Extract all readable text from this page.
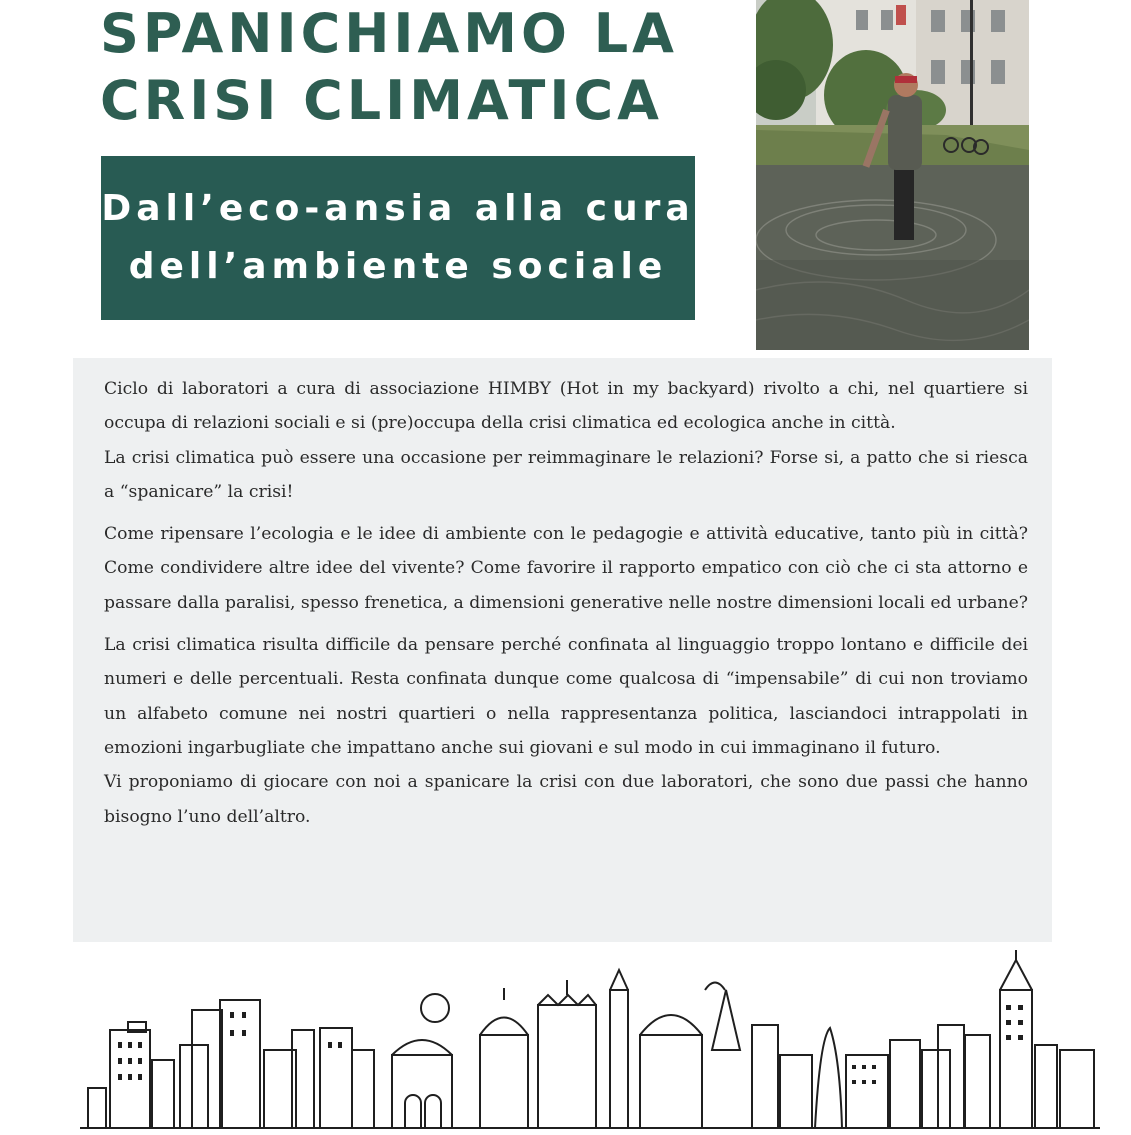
SPANICHIAMO LA
CRISI CLIMATICA
Dall’eco-ansia alla cura
dell’ambiente sociale

Ciclo di laboratori a cura di associazione HIMBY (Hot in my backyard) rivolto a chi, nel quartiere si occupa di relazioni sociali e si (pre)occupa della crisi climatica ed ecologica anche in città.

La crisi climatica può essere una occasione per reimmaginare le relazioni? Forse si, a patto che si riesca a “spanicare” la crisi!

Come ripensare l’ecologia e le idee di ambiente con le pedagogie e attività educative, tanto più in città? Come condividere altre idee del vivente? Come favorire il rapporto empatico con ciò che ci sta attorno e passare dalla paralisi, spesso frenetica, a dimensioni generative nelle nostre dimensioni locali ed urbane?

La crisi climatica risulta difficile da pensare perché confinata al linguaggio troppo lontano e difficile dei numeri e delle percentuali. Resta confinata dunque come qualcosa di “impensabile” di cui non troviamo un alfabeto comune nei nostri quartieri o nella rappresentanza politica, lasciandoci intrappolati in emozioni ingarbugliate che impattano anche sui giovani e sul modo in cui immaginano il futuro.

Vi proponiamo di giocare con noi a spanicare la crisi con due laboratori, che sono due passi che hanno bisogno l’uno dell’altro.
